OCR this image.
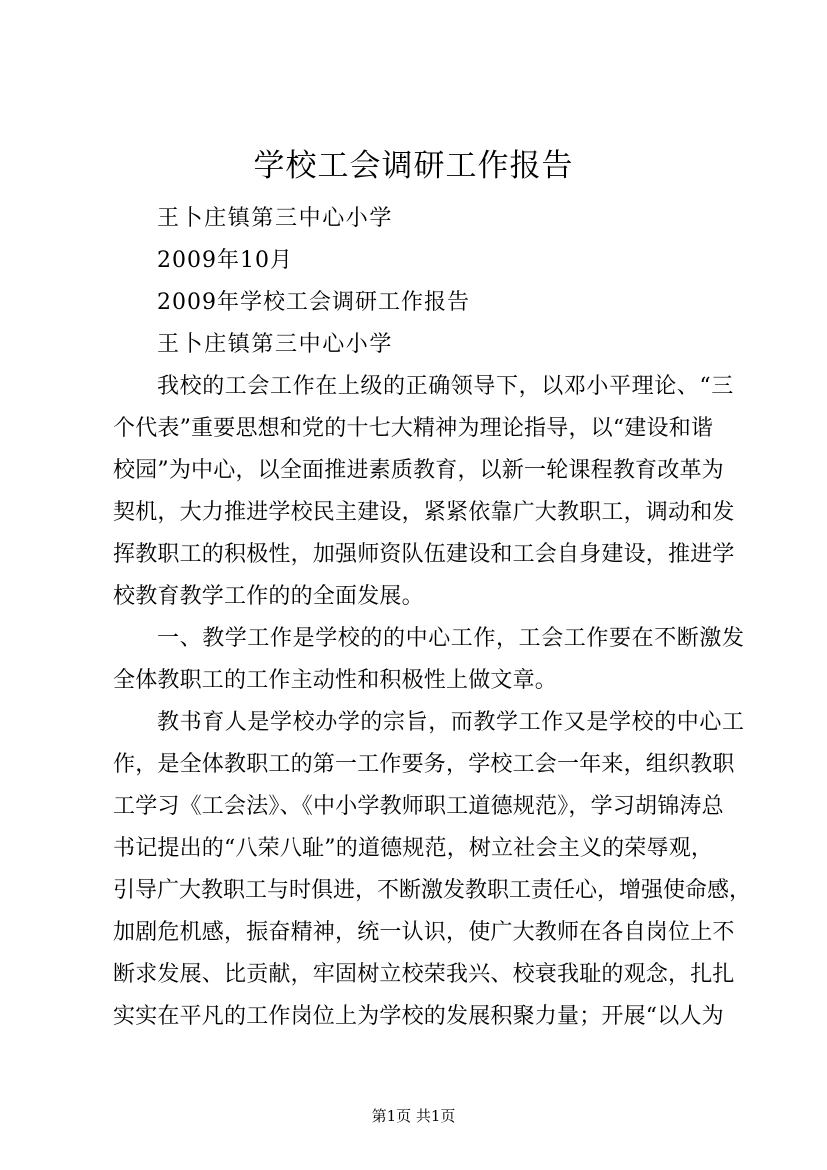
学校工会调研工作报告
王卜庄镇第三中心小学
2009年10月
2009年学校工会调研工作报告
王卜庄镇第三中心小学
我校的工会工作在上级的正确领导下，以邓小平理论、“三
个代表”重要思想和党的十七大精神为理论指导，以“建设和谐
校园”为中心，以全面推进素质教育，以新一轮课程教育改革为
契机，大力推进学校民主建设，紧紧依靠广大教职工，调动和发
挥教职工的积极性，加强师资队伍建设和工会自身建设，推进学
校教育教学工作的的全面发展。
一、教学工作是学校的的中心工作，工会工作要在不断激发
全体教职工的工作主动性和积极性上做文章。
教书育人是学校办学的宗旨，而教学工作又是学校的中心工
作，是全体教职工的第一工作要务，学校工会一年来，组织教职
工学习《工会法》、《中小学教师职工道德规范》，学习胡锦涛总
书记提出的“八荣八耻”的道德规范，树立社会主义的荣辱观，
引导广大教职工与时俱进，不断激发教职工责任心，增强使命感，
加剧危机感，振奋精神，统一认识，使广大教师在各自岗位上不
断求发展、比贡献，牢固树立校荣我兴、校衰我耻的观念，扎扎
实实在平凡的工作岗位上为学校的发展积聚力量；开展“以人为
第1页 共1页
